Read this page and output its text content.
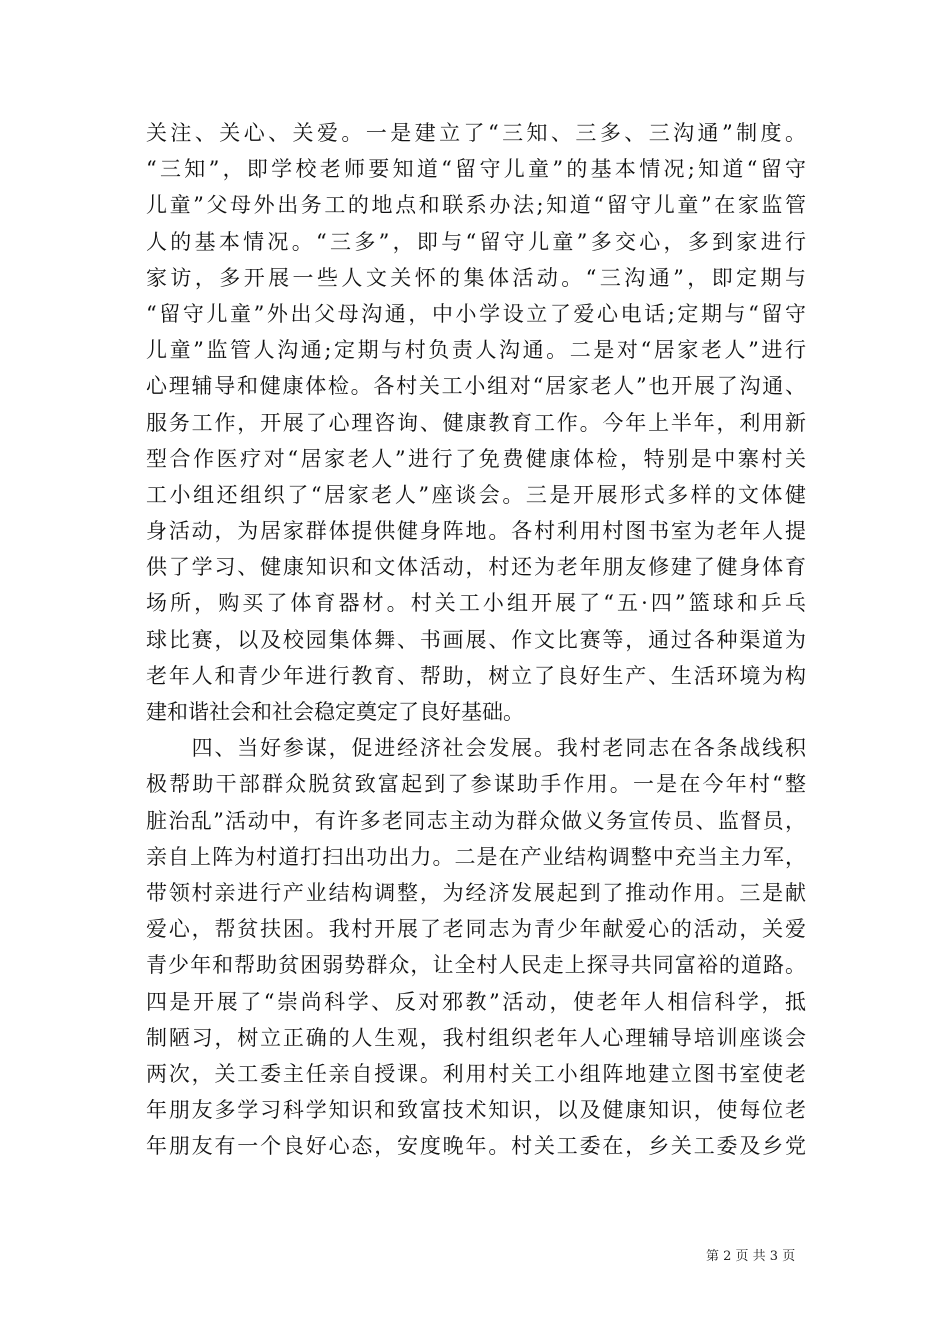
关注、关心、关爱。一是建立了“三知、三多、三沟通”制度。
“三知”，即学校老师要知道“留守儿童”的基本情况;知道“留守
儿童”父母外出务工的地点和联系办法;知道“留守儿童”在家监管
人的基本情况。“三多”，即与“留守儿童”多交心，多到家进行
家访，多开展一些人文关怀的集体活动。“三沟通”，即定期与
“留守儿童”外出父母沟通，中小学设立了爱心电话;定期与“留守
儿童”监管人沟通;定期与村负责人沟通。二是对“居家老人”进行
心理辅导和健康体检。各村关工小组对“居家老人”也开展了沟通、
服务工作，开展了心理咨询、健康教育工作。今年上半年，利用新
型合作医疗对“居家老人”进行了免费健康体检，特别是中寨村关
工小组还组织了“居家老人”座谈会。三是开展形式多样的文体健
身活动，为居家群体提供健身阵地。各村利用村图书室为老年人提
供了学习、健康知识和文体活动，村还为老年朋友修建了健身体育
场所，购买了体育器材。村关工小组开展了“五·四”篮球和乒乓
球比赛，以及校园集体舞、书画展、作文比赛等，通过各种渠道为
老年人和青少年进行教育、帮助，树立了良好生产、生活环境为构
建和谐社会和社会稳定奠定了良好基础。
　　四、当好参谋，促进经济社会发展。我村老同志在各条战线积
极帮助干部群众脱贫致富起到了参谋助手作用。一是在今年村“整
脏治乱”活动中，有许多老同志主动为群众做义务宣传员、监督员，
亲自上阵为村道打扫出功出力。二是在产业结构调整中充当主力军，
带领村亲进行产业结构调整，为经济发展起到了推动作用。三是献
爱心，帮贫扶困。我村开展了老同志为青少年献爱心的活动，关爱
青少年和帮助贫困弱势群众，让全村人民走上探寻共同富裕的道路。
四是开展了“崇尚科学、反对邪教”活动，使老年人相信科学，抵
制陋习，树立正确的人生观，我村组织老年人心理辅导培训座谈会
两次，关工委主任亲自授课。利用村关工小组阵地建立图书室使老
年朋友多学习科学知识和致富技术知识，以及健康知识，使每位老
年朋友有一个良好心态，安度晚年。村关工委在，乡关工委及乡党
第 2 页 共 3 页
